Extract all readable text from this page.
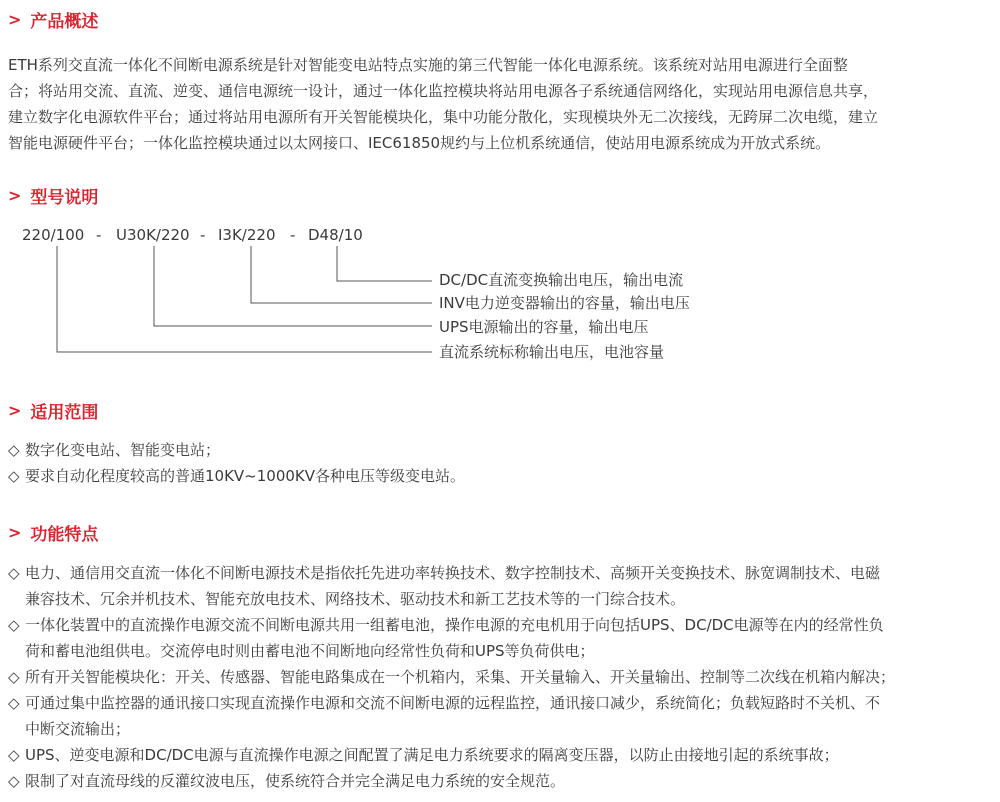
> 产品概述

ETH系列交直流一体化不间断电源系统是针对智能变电站特点实施的第三代智能一体化电源系统。该系统对站用电源进行全面整
合；将站用交流、直流、逆变、通信电源统一设计，通过一体化监控模块将站用电源各子系统通信网络化，实现站用电源信息共享，
建立数字化电源软件平台；通过将站用电源所有开关智能模块化，集中功能分散化，实现模块外无二次接线，无跨屏二次电缆，建立
智能电源硬件平台；一体化监控模块通过以太网接口、IEC61850规约与上位机系统通信，使站用电源系统成为开放式系统。

> 型号说明
220/100 - U30K/220 - I3K/220 - D48/10
DC/DC直流变换输出电压，输出电流
INV电力逆变器输出的容量，输出电压
UPS电源输出的容量，输出电压
直流系统标称输出电压，电池容量
> 适用范围
◇ 数字化变电站、智能变电站；
◇ 要求自动化程度较高的普通10KV~1000KV各种电压等级变电站。
> 功能特点
◇ 电力、通信用交直流一体化不间断电源技术是指依托先进功率转换技术、数字控制技术、高频开关变换技术、脉宽调制技术、电磁
兼容技术、冗余并机技术、智能充放电技术、网络技术、驱动技术和新工艺技术等的一门综合技术。
◇ 一体化装置中的直流操作电源交流不间断电源共用一组蓄电池，操作电源的充电机用于向包括UPS、DC/DC电源等在内的经常性负
荷和蓄电池组供电。交流停电时则由蓄电池不间断地向经常性负荷和UPS等负荷供电；
◇ 所有开关智能模块化：开关、传感器、智能电路集成在一个机箱内，采集、开关量输入、开关量输出、控制等二次线在机箱内解决；
◇ 可通过集中监控器的通讯接口实现直流操作电源和交流不间断电源的远程监控，通讯接口减少，系统简化；负载短路时不关机、不
中断交流输出；
◇ UPS、逆变电源和DC/DC电源与直流操作电源之间配置了满足电力系统要求的隔离变压器，以防止由接地引起的系统事故；
◇ 限制了对直流母线的反灌纹波电压，使系统符合并完全满足电力系统的安全规范。
